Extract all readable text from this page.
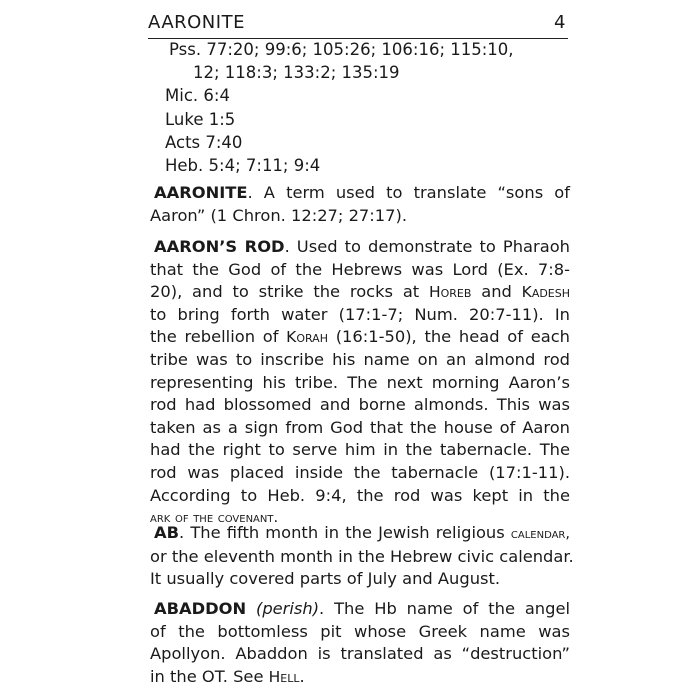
AARONITE	4
Pss. 77:20; 99:6; 105:26; 106:16; 115:10,
12; 118:3; 133:2; 135:19
Mic. 6:4
Luke 1:5
Acts 7:40
Heb. 5:4; 7:11; 9:4
AARONITE. A term used to translate “sons of
Aaron” (1 Chron. 12:27; 27:17).
AARON’S ROD. Used to demonstrate to Pharaoh
that the God of the Hebrews was Lord (Ex. 7:8-
20), and to strike the rocks at Horeb and Kadesh
to bring forth water (17:1-7; Num. 20:7-11). In
the rebellion of Korah (16:1-50), the head of each
tribe was to inscribe his name on an almond rod
representing his tribe. The next morning Aaron’s
rod had blossomed and borne almonds. This was
taken as a sign from God that the house of Aaron
had the right to serve him in the tabernacle. The
rod was placed inside the tabernacle (17:1-11).
According to Heb. 9:4, the rod was kept in the
ark of the covenant.
AB. The fifth month in the Jewish religious calendar,
or the eleventh month in the Hebrew civic calendar.
It usually covered parts of July and August.
ABADDON (perish). The Hb name of the angel
of the bottomless pit whose Greek name was
Apollyon. Abaddon is translated as “destruction”
in the OT. See Hell.
